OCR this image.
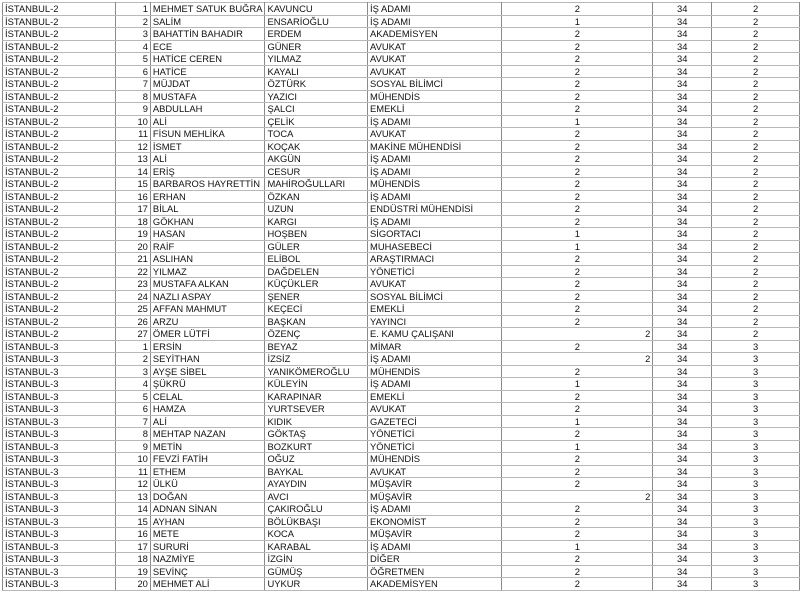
İSTANBUL-2	1	MEHMET SATUK BUĞRA	KAVUNCU	İŞ ADAMI	2	34	2
İSTANBUL-2	2	SALİM	ENSARİOĞLU	İŞ ADAMI	1	34	2
İSTANBUL-2	3	BAHATTİN BAHADIR	ERDEM	AKADEMİSYEN	2	34	2
İSTANBUL-2	4	ECE	GÜNER	AVUKAT	2	34	2
İSTANBUL-2	5	HATİCE CEREN	YILMAZ	AVUKAT	2	34	2
İSTANBUL-2	6	HATİCE	KAYALI	AVUKAT	2	34	2
İSTANBUL-2	7	MÜJDAT	ÖZTÜRK	SOSYAL BİLİMCİ	2	34	2
İSTANBUL-2	8	MUSTAFA	YAZICI	MÜHENDİS	2	34	2
İSTANBUL-2	9	ABDULLAH	ŞALCI	EMEKLİ	2	34	2
İSTANBUL-2	10	ALİ	ÇELİK	İŞ ADAMI	1	34	2
İSTANBUL-2	11	FİSUN MEHLİKA	TOCA	AVUKAT	2	34	2
İSTANBUL-2	12	İSMET	KOÇAK	MAKİNE MÜHENDİSİ	2	34	2
İSTANBUL-2	13	ALİ	AKGÜN	İŞ ADAMI	2	34	2
İSTANBUL-2	14	ERİŞ	CESUR	İŞ ADAMI	2	34	2
İSTANBUL-2	15	BARBAROS HAYRETTİN	MAHİROĞULLARI	MÜHENDİS	2	34	2
İSTANBUL-2	16	ERHAN	ÖZKAN	İŞ ADAMI	2	34	2
İSTANBUL-2	17	BİLAL	UZUN	ENDÜSTRİ MÜHENDİSİ	2	34	2
İSTANBUL-2	18	GÖKHAN	KARGI	İŞ ADAMI	2	34	2
İSTANBUL-2	19	HASAN	HOŞBEN	SİGORTACI	1	34	2
İSTANBUL-2	20	RAİF	GÜLER	MUHASEBECİ	1	34	2
İSTANBUL-2	21	ASLIHAN	ELİBOL	ARAŞTIRMACI	2	34	2
İSTANBUL-2	22	YILMAZ	DAĞDELEN	YÖNETİCİ	2	34	2
İSTANBUL-2	23	MUSTAFA ALKAN	KÜÇÜKLER	AVUKAT	2	34	2
İSTANBUL-2	24	NAZLI ASPAY	ŞENER	SOSYAL BİLİMCİ	2	34	2
İSTANBUL-2	25	AFFAN MAHMUT	KEÇECİ	EMEKLİ	2	34	2
İSTANBUL-2	26	ARZU	BAŞKAN	YAYINCI	2	34	2
İSTANBUL-2	27	ÖMER LÜTFİ	ÖZENÇ	E. KAMU ÇALIŞANI	2	34	2
İSTANBUL-3	1	ERSİN	BEYAZ	MİMAR	2	34	3
İSTANBUL-3	2	SEYİTHAN	İZSİZ	İŞ ADAMI	2	34	3
İSTANBUL-3	3	AYŞE SİBEL	YANIKÖMEROĞLU	MÜHENDİS	2	34	3
İSTANBUL-3	4	ŞÜKRÜ	KÜLEYİN	İŞ ADAMI	1	34	3
İSTANBUL-3	5	CELAL	KARAPINAR	EMEKLİ	2	34	3
İSTANBUL-3	6	HAMZA	YURTSEVER	AVUKAT	2	34	3
İSTANBUL-3	7	ALİ	KIDIK	GAZETECİ	1	34	3
İSTANBUL-3	8	MEHTAP NAZAN	GÖKTAŞ	YÖNETİCİ	2	34	3
İSTANBUL-3	9	METİN	BOZKURT	YÖNETİCİ	1	34	3
İSTANBUL-3	10	FEVZİ FATİH	OĞUZ	MÜHENDİS	2	34	3
İSTANBUL-3	11	ETHEM	BAYKAL	AVUKAT	2	34	3
İSTANBUL-3	12	ÜLKÜ	AYAYDIN	MÜŞAVİR	2	34	3
İSTANBUL-3	13	DOĞAN	AVCI	MÜŞAVİR	2	34	3
İSTANBUL-3	14	ADNAN SİNAN	ÇAKIROĞLU	İŞ ADAMI	2	34	3
İSTANBUL-3	15	AYHAN	BÖLÜKBAŞI	EKONOMİST	2	34	3
İSTANBUL-3	16	METE	KOCA	MÜŞAVİR	2	34	3
İSTANBUL-3	17	SURURİ	KARABAL	İŞ ADAMI	1	34	3
İSTANBUL-3	18	NAZMİYE	İZGİN	DİĞER	2	34	3
İSTANBUL-3	19	SEVİNÇ	GÜMÜŞ	ÖĞRETMEN	2	34	3
İSTANBUL-3	20	MEHMET ALİ	UYKUR	AKADEMİSYEN	2	34	3
